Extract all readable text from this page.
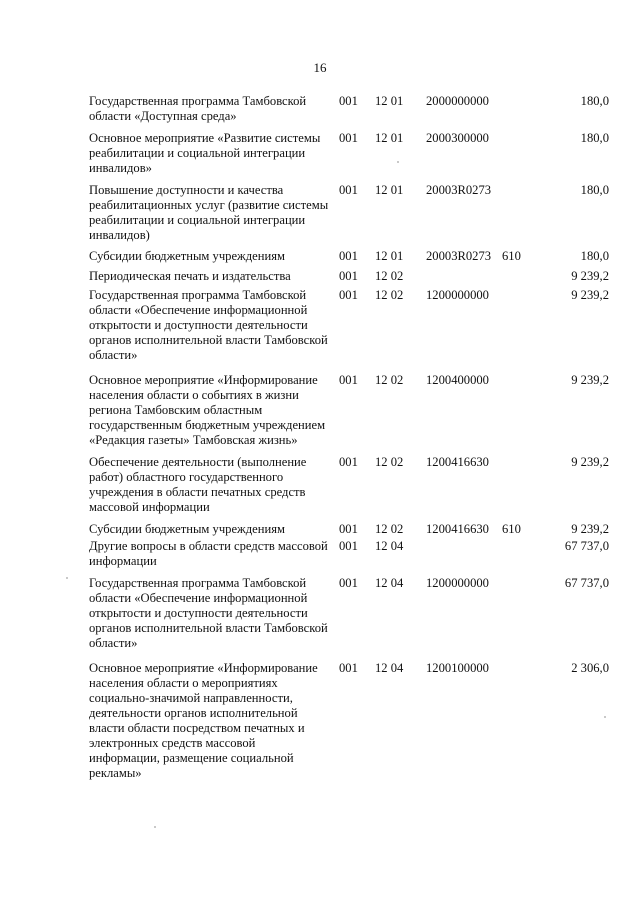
16
Государственная программа Тамбовской области «Доступная среда»
001 12 01 2000000000	180,0
Основное мероприятие «Развитие системы реабилитации и социальной интеграции инвалидов»
001 12 01 2000300000	180,0
Повышение доступности и качества реабилитационных услуг (развитие системы реабилитации и социальной интеграции инвалидов)
001 12 01 20003R0273	180,0
Субсидии бюджетным учреждениям	001 12 01 20003R0273 610	180,0
Периодическая печать и издательства	001 12 02	9 239,2
Государственная программа Тамбовской области «Обеспечение информационной открытости и доступности деятельности органов исполнительной власти Тамбовской области»
001 12 02 1200000000	9 239,2
Основное мероприятие «Информирование населения области о событиях в жизни региона Тамбовским областным государственным бюджетным учреждением «Редакция газеты» Тамбовская жизнь»
001 12 02 1200400000	9 239,2
Обеспечение деятельности (выполнение работ) областного государственного учреждения в области печатных средств массовой информации
001 12 02 1200416630	9 239,2
Субсидии бюджетным учреждениям	001 12 02 1200416630 610	9 239,2
Другие вопросы в области средств массовой информации
001 12 04	67 737,0
Государственная программа Тамбовской области «Обеспечение информационной открытости и доступности деятельности органов исполнительной власти Тамбовской области»
001 12 04 1200000000	67 737,0
Основное мероприятие «Информирование населения области о мероприятиях социально-значимой направленности, деятельности органов исполнительной власти области посредством печатных и электронных средств массовой информации, размещение социальной рекламы»
001 12 04 1200100000	2 306,0
